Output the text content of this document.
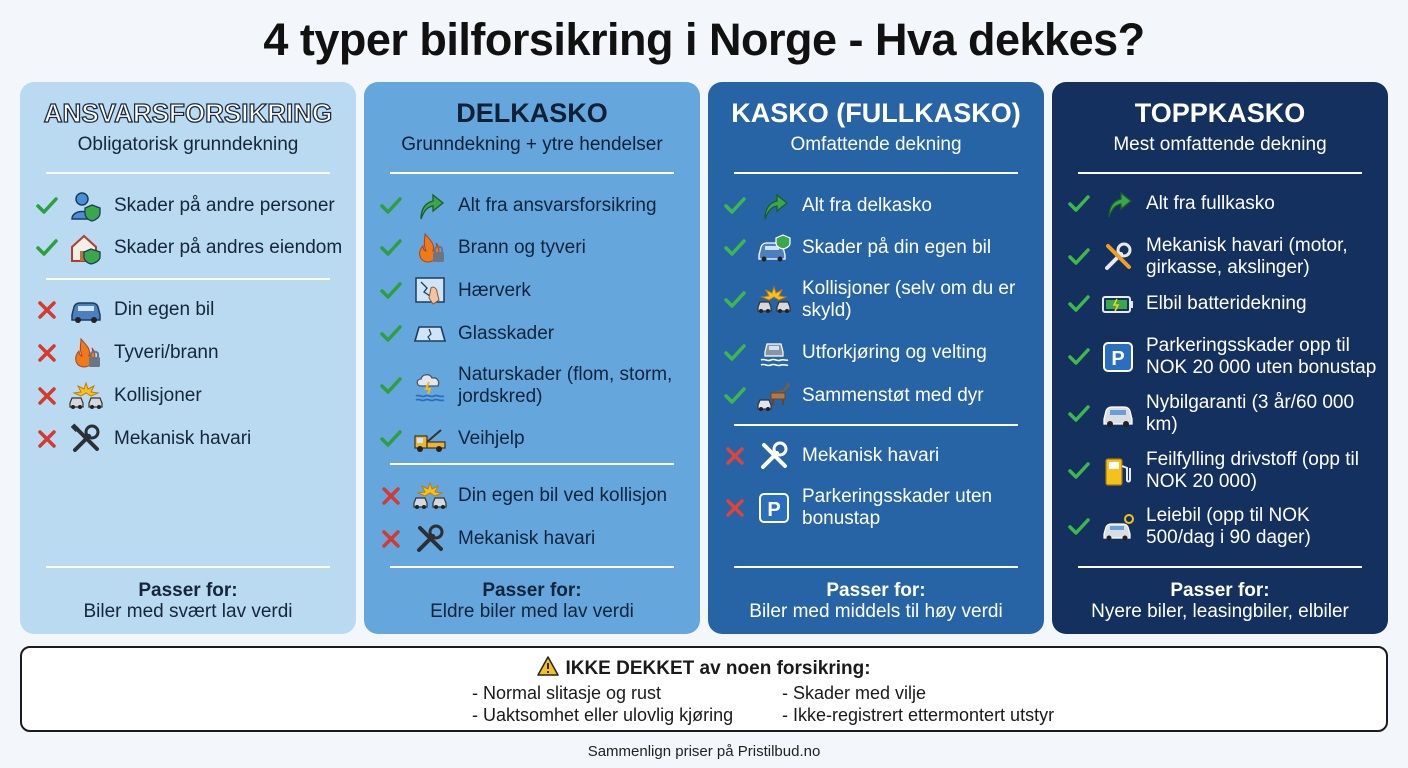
4 typer bilforsikring i Norge - Hva dekkes?
ANSVARSFORSIKRING
Obligatorisk grunndekning
Skader på andre personer
Skader på andres eiendom
Din egen bil
Tyveri/brann
Kollisjoner
Mekanisk havari
Passer for:
Biler med svært lav verdi
DELKASKO
Grunndekning + ytre hendelser
Alt fra ansvarsforsikring
Brann og tyveri
Hærverk
Glasskader
Naturskader (flom, storm, jordskred)
Veihjelp
Din egen bil ved kollisjon
Mekanisk havari
Passer for:
Eldre biler med lav verdi
KASKO (FULLKASKO)
Omfattende dekning
Alt fra delkasko
Skader på din egen bil
Kollisjoner (selv om du er skyld)
Utforkjøring og velting
Sammenstøt med dyr
Mekanisk havari
P
Parkeringsskader uten bonustap
Passer for:
Biler med middels til høy verdi
TOPPKASKO
Mest omfattende dekning
Alt fra fullkasko
Mekanisk havari (motor, girkasse, akslinger)
Elbil batteridekning
P
Parkeringsskader opp til NOK 20 000 uten bonustap
Nybilgaranti (3 år/60 000 km)
Feilfylling drivstoff (opp til NOK 20 000)
Leiebil (opp til NOK 500/dag i 90 dager)
Passer for:
Nyere biler, leasingbiler, elbiler
IKKE DEKKET av noen forsikring:
- Normal slitasje og rust
- Uaktsomhet eller ulovlig kjøring
- Skader med vilje
- Ikke-registrert ettermontert utstyr
Sammenlign priser på Pristilbud.no
